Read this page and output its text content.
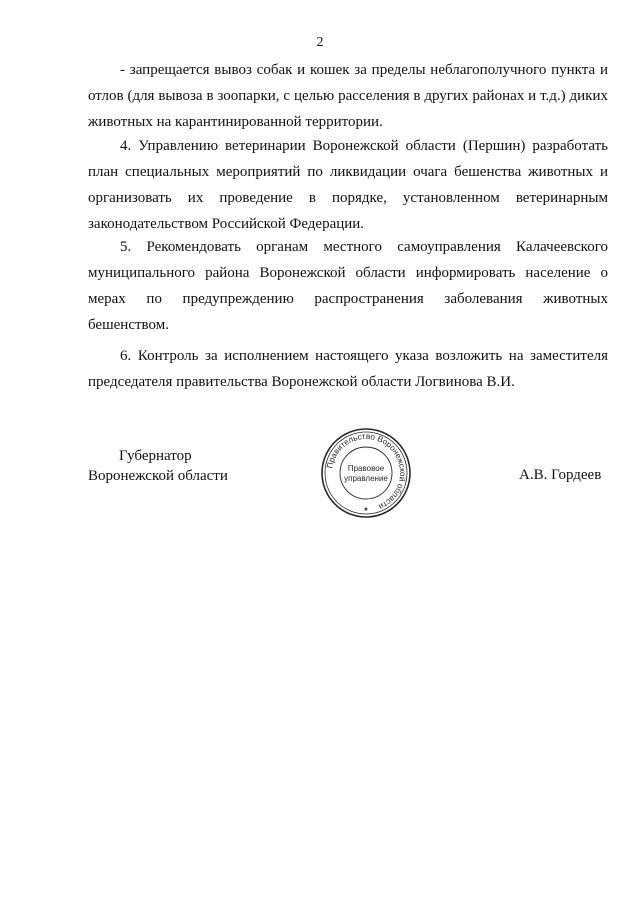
2

- запрещается вывоз собак и кошек за пределы неблагополучного пункта и отлов (для вывоза в зоопарки, с целью расселения в других районах и т.д.) диких животных на карантинированной территории.

4. Управлению ветеринарии Воронежской области (Першин) разработать план специальных мероприятий по ликвидации очага бешенства животных и организовать их проведение в порядке, установленном ветеринарным законодательством Российской Федерации.

5. Рекомендовать органам местного самоуправления Калачеевского муниципального района Воронежской области информировать население о мерах по предупреждению распространения заболевания животных бешенством.

6. Контроль за исполнением настоящего указа возложить на заместителя председателя правительства Воронежской области Логвинова В.И.

Губернатор
Воронежской области
Правительство Воронежской области
Правовое
управление
★
А.В. Гордеев
